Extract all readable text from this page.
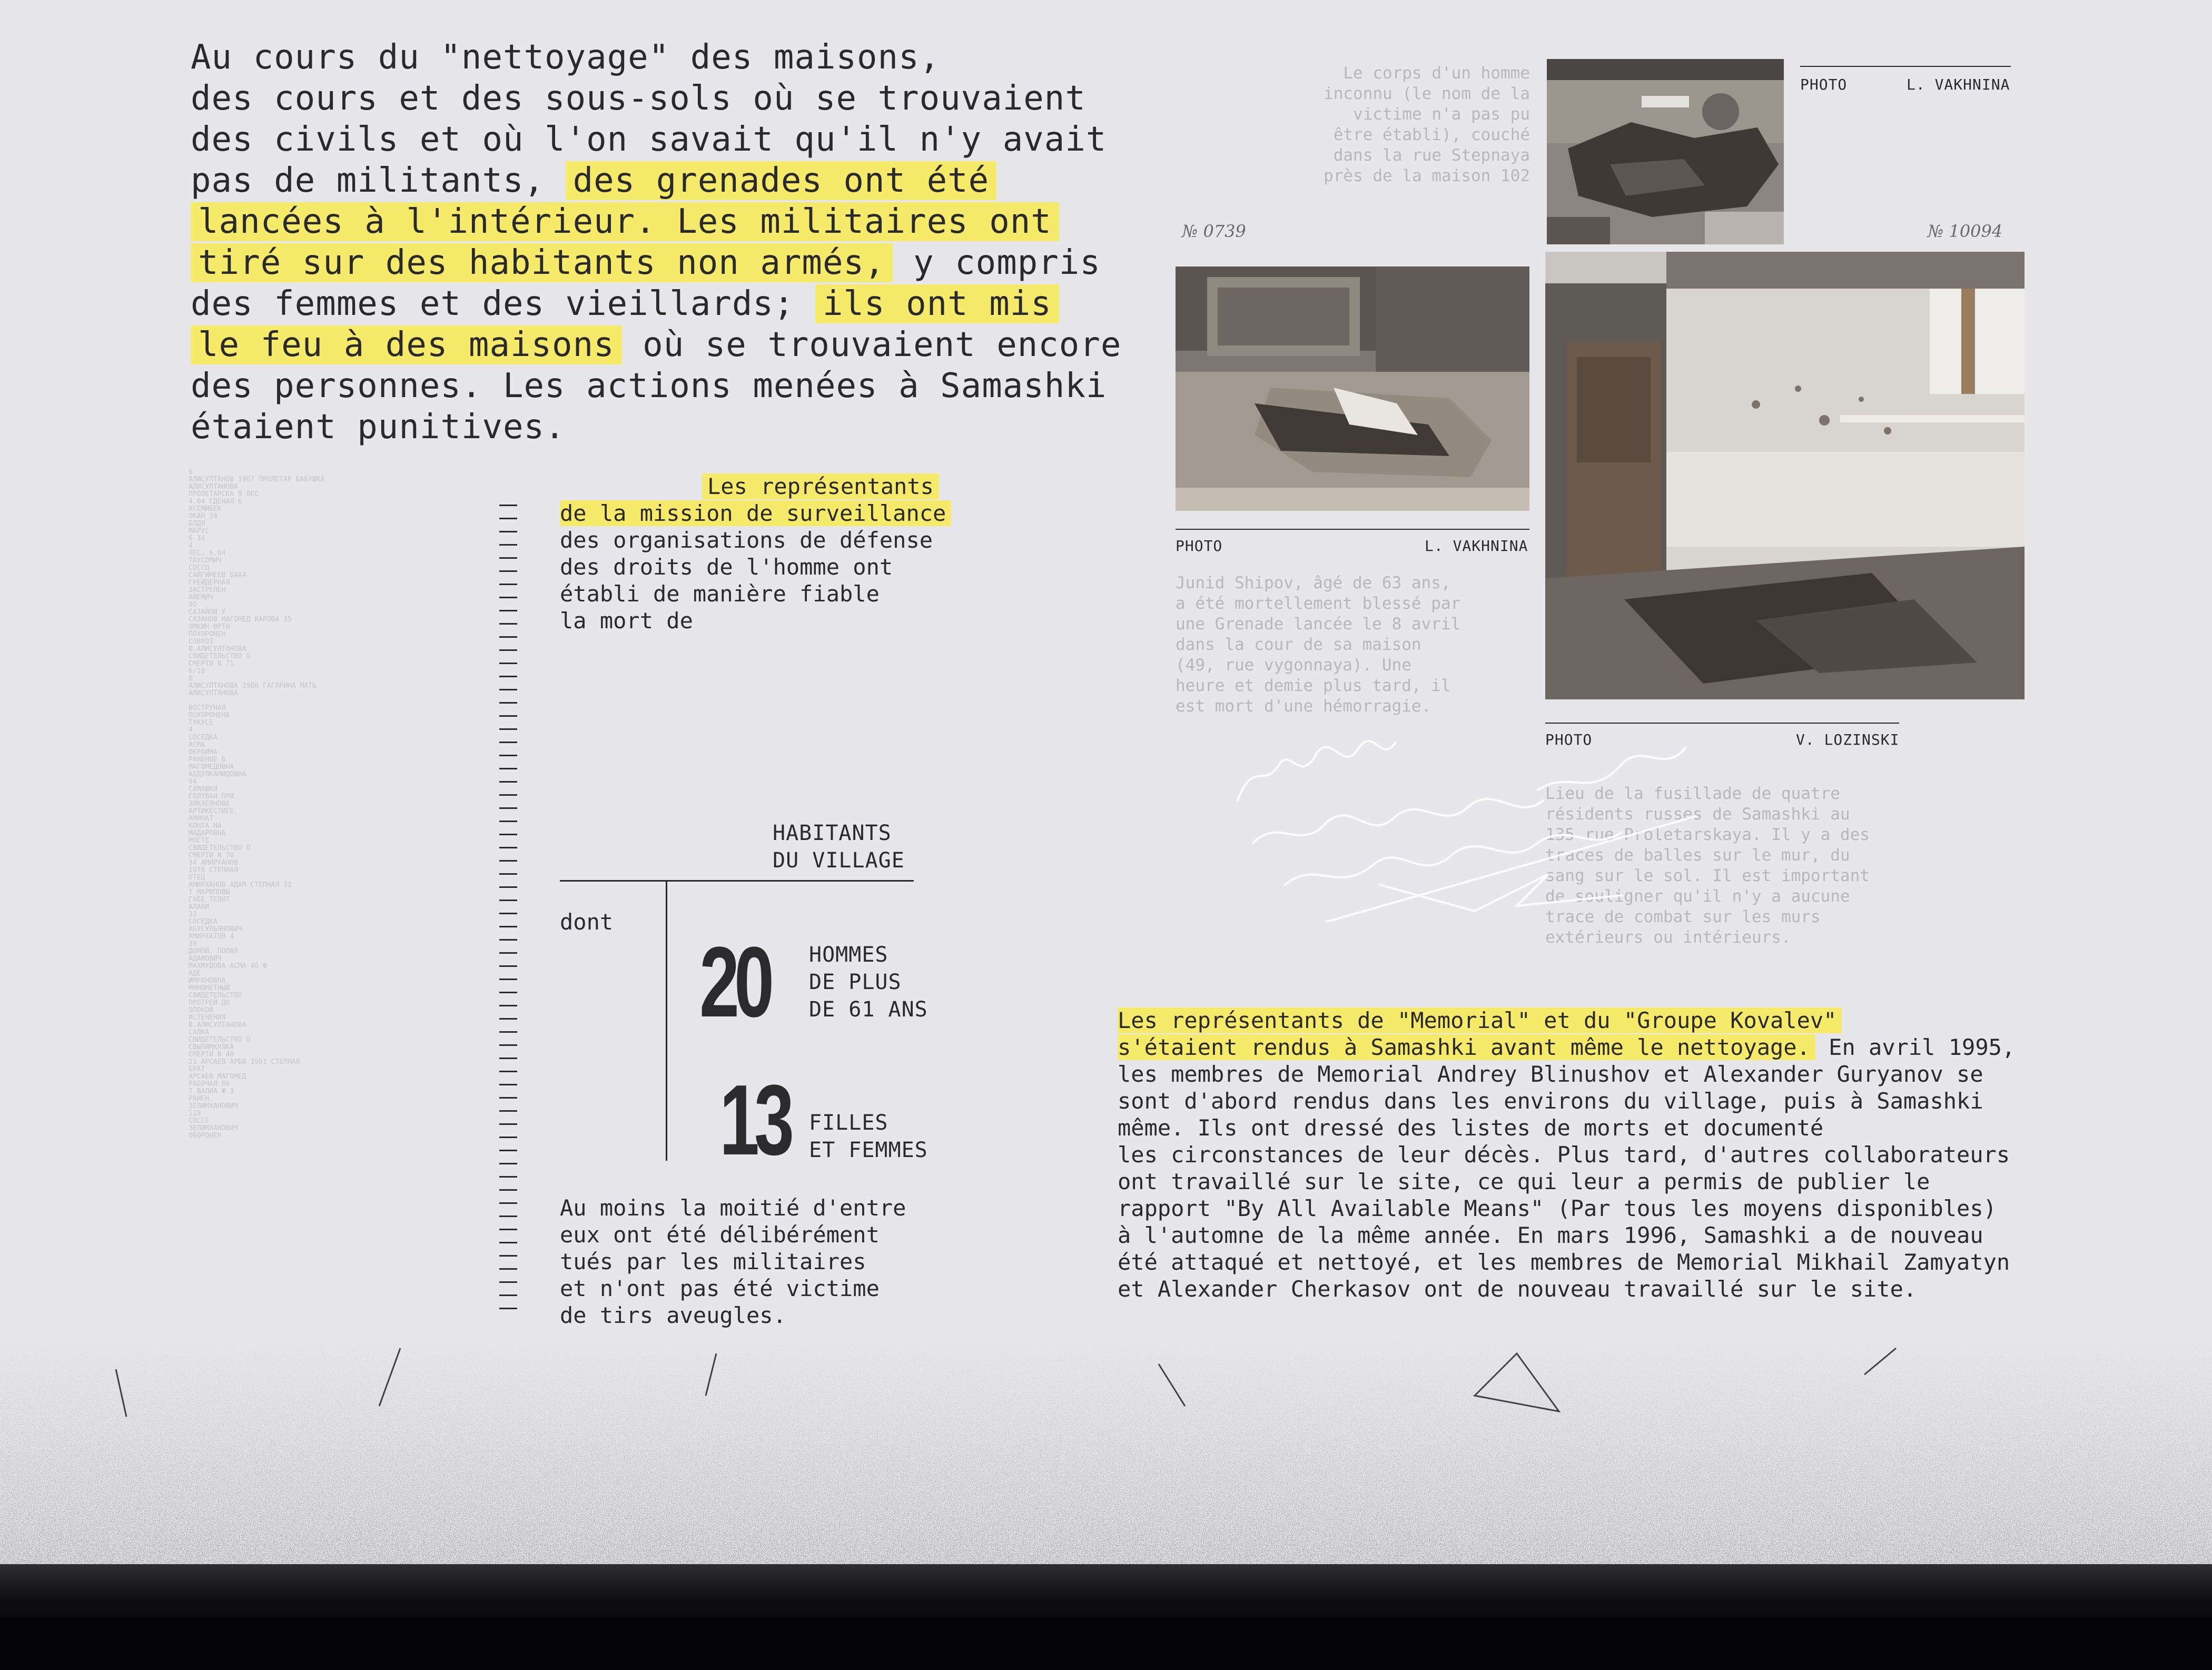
Au cours du "nettoyage" des maisons,
des cours et des sous-sols où se trouvaient
des civils et où l'on savait qu'il n'y avait
pas de militants, des grenades ont été
lancées à l'intérieur. Les militaires ont
tiré sur des habitants non armés, y compris
des femmes et des vieillards; ils ont mis
le feu à des maisons où se trouvaient encore
des personnes. Les actions menées à Samashki
étaient punitives.
6
АЛИСУЛТАНОВ 1967 ПРОЛЕТАР БАБУШКА
АЛИСУЛТАНОВА
ПРОЛЕТАРСКА 9 ЛЕС
4.04 ГДЕНАЯ 6
АСЕМИБЕК
ОКАН 34
БЛДЯ
МАРУС
6 34
4
ЛЕС, 6.04
ТАУСОМИЧ
СОССЦ
САЙГИМЕЕВ БАА4
ГРЕЙДЕРНАЯ
ЗАСТРЕЛЕН
АЙЕМИЧ
9О
САЗАЙОЙ У
САЗАНОВ МАГОМЕД КАРОВА 35
ОМКИН-ЮРТН
ПОХОРОНЕН
СОВХОЗ
В.АЛИСУЛТАНОВА
СВИДЕТЕЛЬСТВО О
СМЕРТИ N 71
6/10
6
АЛИСУЛТАНОВА 1980 ГАГАРИНА МАТЬ
АЛИСУЛТАНОВА

ВОСТРУНАЯ
ПОХОРОНЕНА
ТУКУСЕ
4
СОСЕДКА
АСМА
ОКРАИНА
РАНЕНИЕ 6
МАГОМЕДОВНА
АБДУЛКАМИДОВНА
94
САМАШКИ
ГОЛУВАЯ ПРИ
ЗИКАЕВНОВА
АРТИКЕСТИЕЕ.
АМИНАТ
КОНТА НА
МАДАРОВНА
МОСТЕ
СВИДЕТЕЛЬСТВО О
СМЕРТИ N 70
34 АМИРХАНОВ
1978 СТЕПНАЯ
ОТЕЦ
АМИРХАНОВ АДАМ СТЕПНАЯ 32
Т МАРИПОВЫ
ГАБЕ ТЕЛИТ
АЛАНИ
33
СОСЕДКА
АБУСУЛЬЯНОВИЧ
АМИРХАТОВ 4
39
ДОМОЙ. ПОПАЛ
АДАМОВИЧ
МАХМУДОВА АСМА 46 Ф
АДЕ
ИМРАНОВНА
МИНОМЕТНЫЙ
СВИДЕТЕЛЬСТВО
ПРОТРЕЙ ДО
ОПОКОЙ
ИСТЕЧЕНИЯ
В.АЛИСУЛТАНОВА
САЛКА
СВИДЕТЕЛЬСТВО О
СВЫЛИМКУЛКА
СМЕРТИ N 40
21 АРСАЕВ АРБИ 1981 СТЕПНАЯ
БРАТ
АРСАЕВ МАГОМЕД
РАБОЧАЯ 86
7 ВАЛИА Ж 3
РАНЕН.
ЗЕЛИМХАНОВИЧ
119
СОССЕ
ЗЕЛИМХАНОВИЧ
ОБОРОНЕН
Les représentants
de la mission de surveillance
des organisations de défense
des droits de l'homme ont
établi de manière fiable
la mort de
HABITANTS
DU VILLAGE
dont
20 HOMMES
DE PLUS
DE 61 ANS
13 FILLES
ET FEMMES
Au moins la moitié d'entre
eux ont été délibérément
tués par les militaires
et n'ont pas été victime
de tirs aveugles.
Le corps d'un homme
inconnu (le nom de la
victime n'a pas pu
être établi), couché
dans la rue Stepnaya
près de la maison 102
PHOTO	L. VAKHNINA
№ 0739
PHOTO	L. VAKHNINA
Junid Shipov, âgé de 63 ans,
a été mortellement blessé par
une Grenade lancée le 8 avril
dans la cour de sa maison
(49, rue vygonnaya). Une
heure et demie plus tard, il
est mort d'une hémorragie.
№ 10094
PHOTO	V. LOZINSKI
Lieu de la fusillade de quatre
résidents russes de Samashki au
135 rue Proletarskaya. Il y a des
traces de balles sur le mur, du
sang sur le sol. Il est important
de souligner qu'il n'y a aucune
trace de combat sur les murs
extérieurs ou intérieurs.
Les représentants de "Memorial" et du "Groupe Kovalev"
s'étaient rendus à Samashki avant même le nettoyage. En avril 1995,
les membres de Memorial Andrey Blinushov et Alexander Guryanov se
sont d'abord rendus dans les environs du village, puis à Samashki
même. Ils ont dressé des listes de morts et documenté
les circonstances de leur décès. Plus tard, d'autres collaborateurs
ont travaillé sur le site, ce qui leur a permis de publier le
rapport "By All Available Means" (Par tous les moyens disponibles)
à l'automne de la même année. En mars 1996, Samashki a de nouveau
été attaqué et nettoyé, et les membres de Memorial Mikhail Zamyatyn
et Alexander Cherkasov ont de nouveau travaillé sur le site.
